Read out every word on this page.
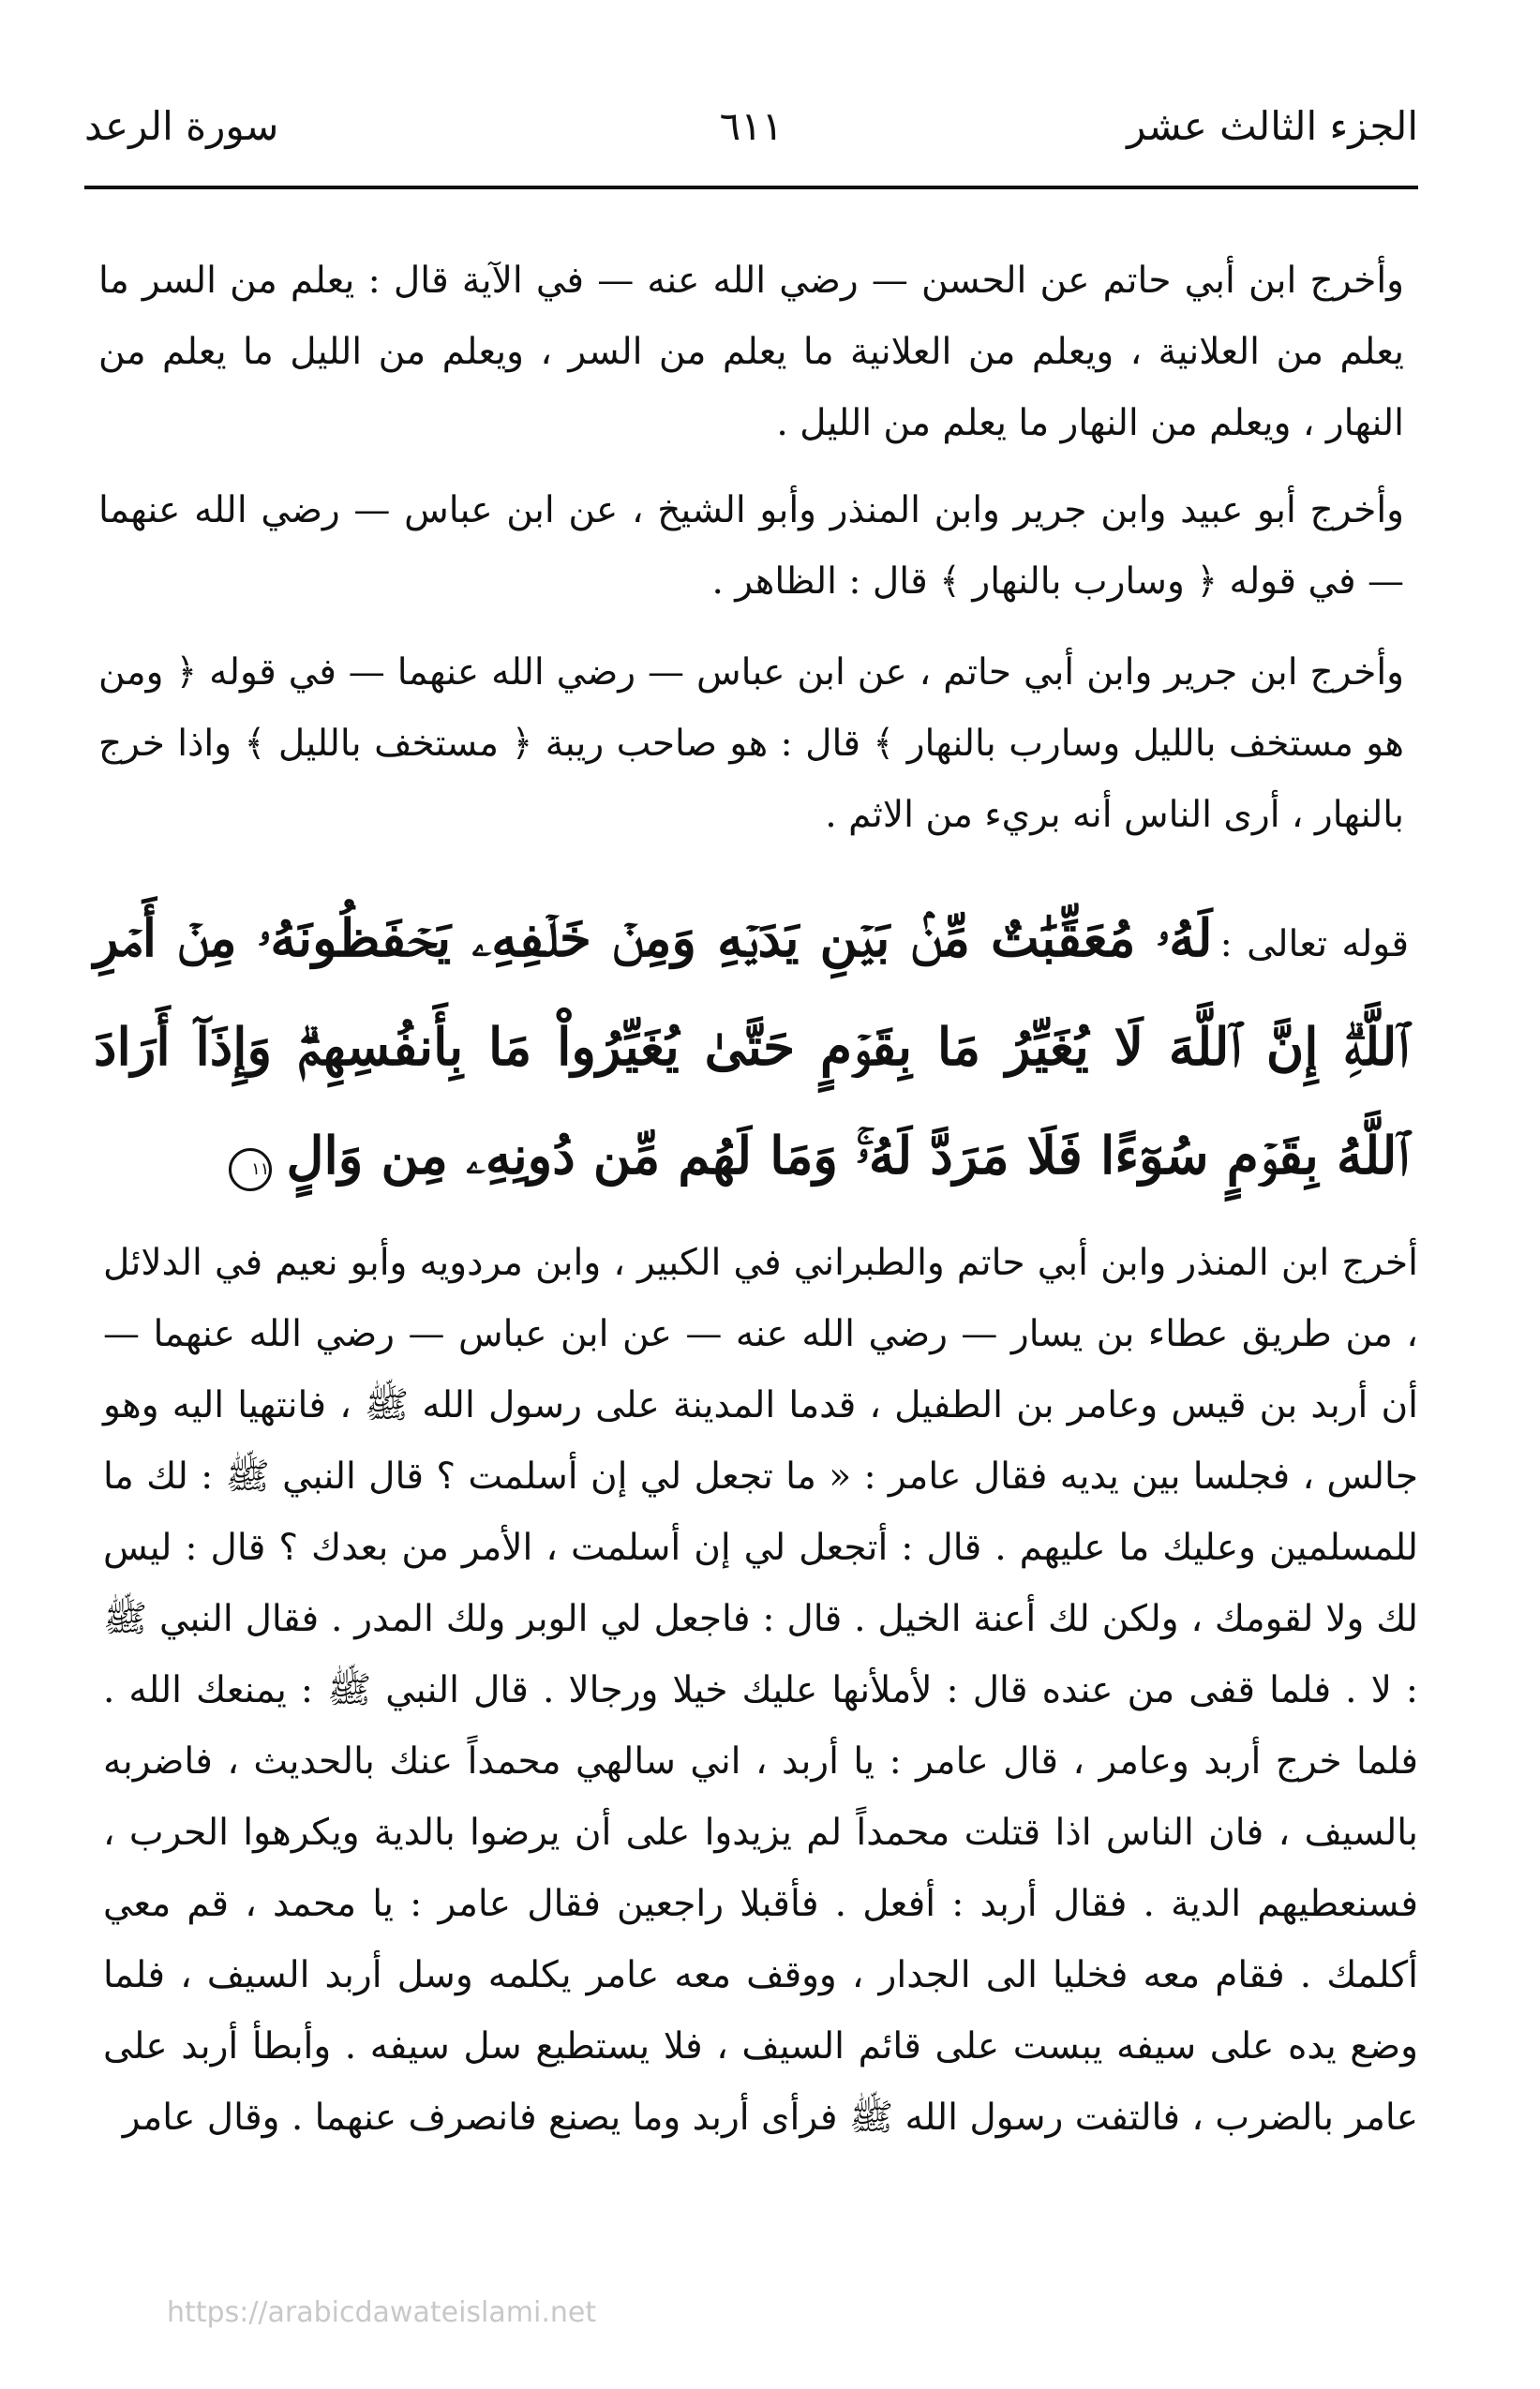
الجزء الثالث عشر
٦١١
سورة الرعد

وأخرج ابن أبي حاتم عن الحسن — رضي الله عنه — في الآية قال : يعلم من السر ما يعلم من العلانية ، ويعلم من العلانية ما يعلم من السر ، ويعلم من الليل ما يعلم من النهار ، ويعلم من النهار ما يعلم من الليل .

وأخرج أبو عبيد وابن جرير وابن المنذر وأبو الشيخ ، عن ابن عباس — رضي الله عنهما — في قوله ﴿ وسارب بالنهار ﴾ قال : الظاهر .

وأخرج ابن جرير وابن أبي حاتم ، عن ابن عباس — رضي الله عنهما — في قوله ﴿ ومن هو مستخف بالليل وسارب بالنهار ﴾ قال : هو صاحب ريبة ﴿ مستخف بالليل ﴾ واذا خرج بالنهار ، أرى الناس أنه بريء من الاثم .

قوله تعالى : لَهُۥ مُعَقِّبَٰتٌ مِّنۢ بَيۡنِ يَدَيۡهِ وَمِنۡ خَلۡفِهِۦ يَحۡفَظُونَهُۥ مِنۡ أَمۡرِ ٱللَّهِۗ إِنَّ ٱللَّهَ لَا يُغَيِّرُ مَا بِقَوۡمٍ حَتَّىٰ يُغَيِّرُواْ مَا بِأَنفُسِهِمۡۗ وَإِذَآ أَرَادَ ٱللَّهُ بِقَوۡمٍ سُوٓءًا فَلَا مَرَدَّ لَهُۥۚ وَمَا لَهُم مِّن دُونِهِۦ مِن وَالٍ ١١

أخرج ابن المنذر وابن أبي حاتم والطبراني في الكبير ، وابن مردويه وأبو نعيم في الدلائل ، من طريق عطاء بن يسار — رضي الله عنه — عن ابن عباس — رضي الله عنهما — أن أربد بن قيس وعامر بن الطفيل ، قدما المدينة على رسول الله ﷺ ، فانتهيا اليه وهو جالس ، فجلسا بين يديه فقال عامر : « ما تجعل لي إن أسلمت ؟ قال النبي ﷺ : لك ما للمسلمين وعليك ما عليهم . قال : أتجعل لي إن أسلمت ، الأمر من بعدك ؟ قال : ليس لك ولا لقومك ، ولكن لك أعنة الخيل . قال : فاجعل لي الوبر ولك المدر . فقال النبي ﷺ : لا . فلما قفى من عنده قال : لأملأنها عليك خيلا ورجالا . قال النبي ﷺ : يمنعك الله . فلما خرج أربد وعامر ، قال عامر : يا أربد ، اني سالهي محمداً عنك بالحديث ، فاضربه بالسيف ، فان الناس اذا قتلت محمداً لم يزيدوا على أن يرضوا بالدية ويكرهوا الحرب ، فسنعطيهم الدية . فقال أربد : أفعل . فأقبلا راجعين فقال عامر : يا محمد ، قم معي أكلمك . فقام معه فخليا الى الجدار ، ووقف معه عامر يكلمه وسل أربد السيف ، فلما وضع يده على سيفه يبست على قائم السيف ، فلا يستطيع سل سيفه . وأبطأ أربد على عامر بالضرب ، فالتفت رسول الله ﷺ فرأى أربد وما يصنع فانصرف عنهما . وقال عامر

https://arabicdawateislami.net
